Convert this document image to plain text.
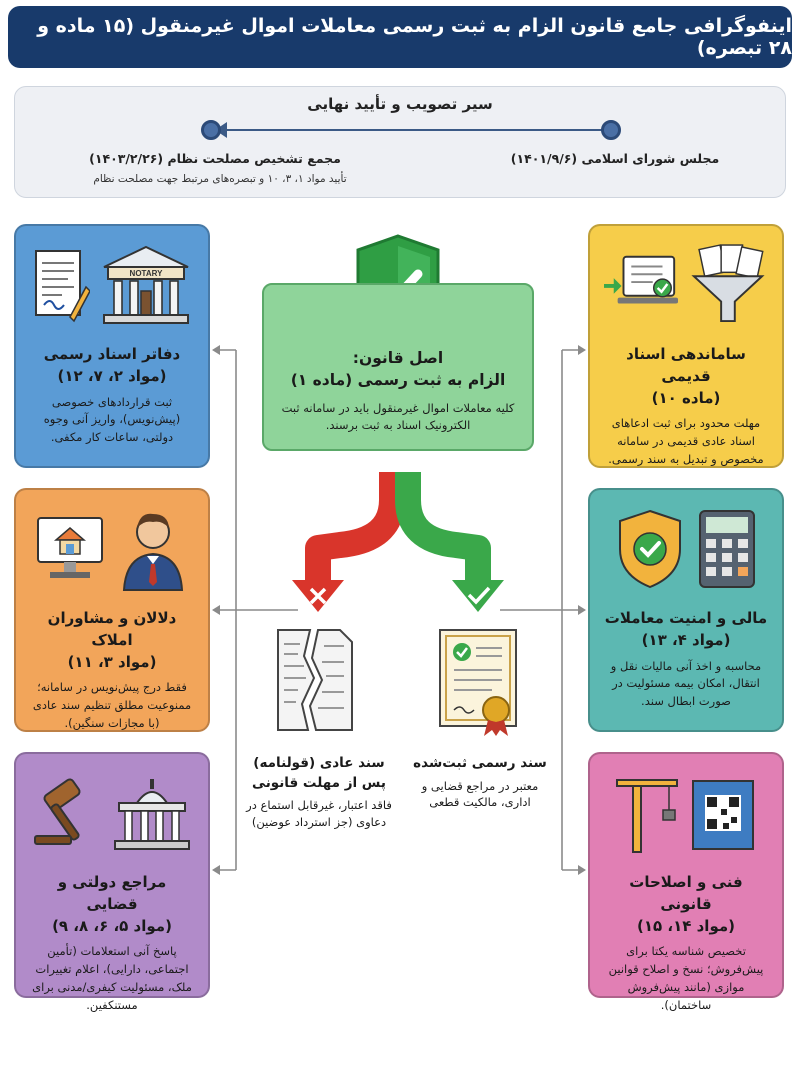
اینفوگرافی جامع قانون الزام به ثبت رسمی معاملات اموال غیرمنقول (۱۵ ماده و ۲۸ تبصره)
سیر تصویب و تأیید نهایی
مجلس شورای اسلامی (۱۴۰۱/۹/۶)
مجمع تشخیص مصلحت نظام (۱۴۰۳/۲/۲۶)
تأیید مواد ۱، ۳، ۱۰ و تبصره‌های مرتبط جهت مصلحت نظام
اصل قانون:
الزام به ثبت رسمی (ماده ۱)
کلیه معاملات اموال غیرمنقول باید در سامانه ثبت الکترونیک اسناد به ثبت برسند.
NOTARY
دفاتر اسناد رسمی
(مواد ۲، ۷، ۱۲)
ثبت قراردادهای خصوصی (پیش‌نویس)، واریز آنی وجوه دولتی، ساعات کار مکفی.
دلالان و مشاوران املاک
(مواد ۳، ۱۱)
فقط درج پیش‌نویس در سامانه؛ ممنوعیت مطلق تنظیم سند عادی (با مجازات سنگین).
مراجع دولتی و قضایی
(مواد ۵، ۶، ۸، ۹)
پاسخ آنی استعلامات (تأمین اجتماعی، دارایی)، اعلام تغییرات ملک، مسئولیت کیفری/مدنی برای مستنکفین.
ساماندهی اسناد قدیمی
(ماده ۱۰)
مهلت محدود برای ثبت ادعاهای اسناد عادی قدیمی در سامانه مخصوص و تبدیل به سند رسمی.
مالی و امنیت معاملات
(مواد ۴، ۱۳)
محاسبه و اخذ آنی مالیات نقل و انتقال، امکان بیمه مسئولیت در صورت ابطال سند.
فنی و اصلاحات قانونی
(مواد ۱۴، ۱۵)
تخصیص شناسه یکتا برای پیش‌فروش؛ نسخ و اصلاح قوانین موازی (مانند پیش‌فروش ساختمان).
سند عادی (قولنامه) پس از مهلت قانونی
فاقد اعتبار، غیرقابل استماع در دعاوی (جز استرداد عوضین)
سند رسمی ثبت‌شده
معتبر در مراجع قضایی و اداری، مالکیت قطعی
